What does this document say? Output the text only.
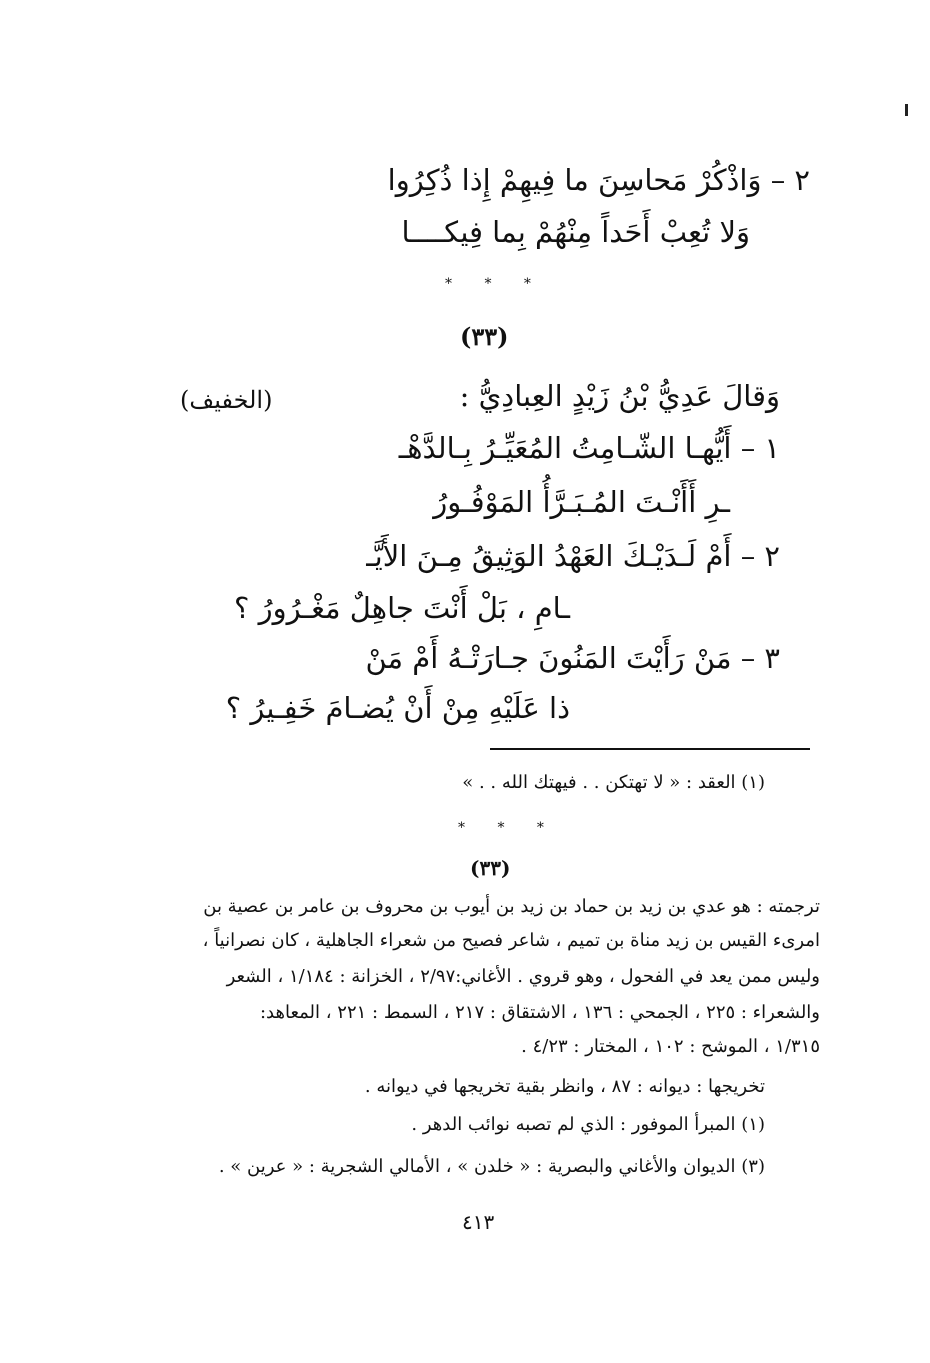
٢ – وَاذْكُرْ مَحاسِنَ ما فِيهِمْ إِذا ذُكِرُوا
وَلا تُعِبْ أَحَداً مِنْهُمْ بِما فِيكــــا
* * *
(٣٣)
وَقالَ عَدِيُّ بْنُ زَيْدٍ العِبادِيُّ :
(الخفيف)
١ – أَيُّهـا الشّـامِتُ المُعَيِّـرُ بِـالدَّهْـ
ـرِ أَأَنْـتَ المُـبَـرَّأُ المَوْفُـورُ
٢ – أَمْ لَـدَيْـكَ العَهْدُ الوَثِيقُ مِـنَ الأَيَّـ
ـامِ ، بَلْ أَنْتَ جاهِلٌ مَغْـرُورُ ؟
٣ – مَنْ رَأَيْتَ المَنُونَ جـارَتْـهُ أَمْ مَنْ
ذا عَلَيْهِ مِنْ أَنْ يُضـامَ خَفِـيرُ ؟
(١) العقد : « لا تهتكن . . فيهتك الله . . »
* * *
(٣٣)
ترجمته : هو عدي بن زيد بن حماد بن زيد بن أيوب بن محروف بن عامر بن عصية بن
امرىء القيس بن زيد مناة بن تميم ، شاعر فصيح من شعراء الجاهلية ، كان نصرانياً ،
وليس ممن يعد في الفحول ، وهو قروي . الأغاني:٢/٩٧ ، الخزانة : ١/١٨٤ ، الشعر
والشعراء : ٢٢٥ ، الجمحي : ١٣٦ ، الاشتقاق : ٢١٧ ، السمط : ٢٢١ ، المعاهد:
١/٣١٥ ، الموشح : ١٠٢ ، المختار : ٤/٢٣ .
تخريجها : ديوانه : ٨٧ ، وانظر بقية تخريجها في ديوانه .
(١) المبرأ الموفور : الذي لم تصبه نوائب الدهر .
(٣) الديوان والأغاني والبصرية : « خلدن » ، الأمالي الشجرية : « عرين » .
٤١٣
